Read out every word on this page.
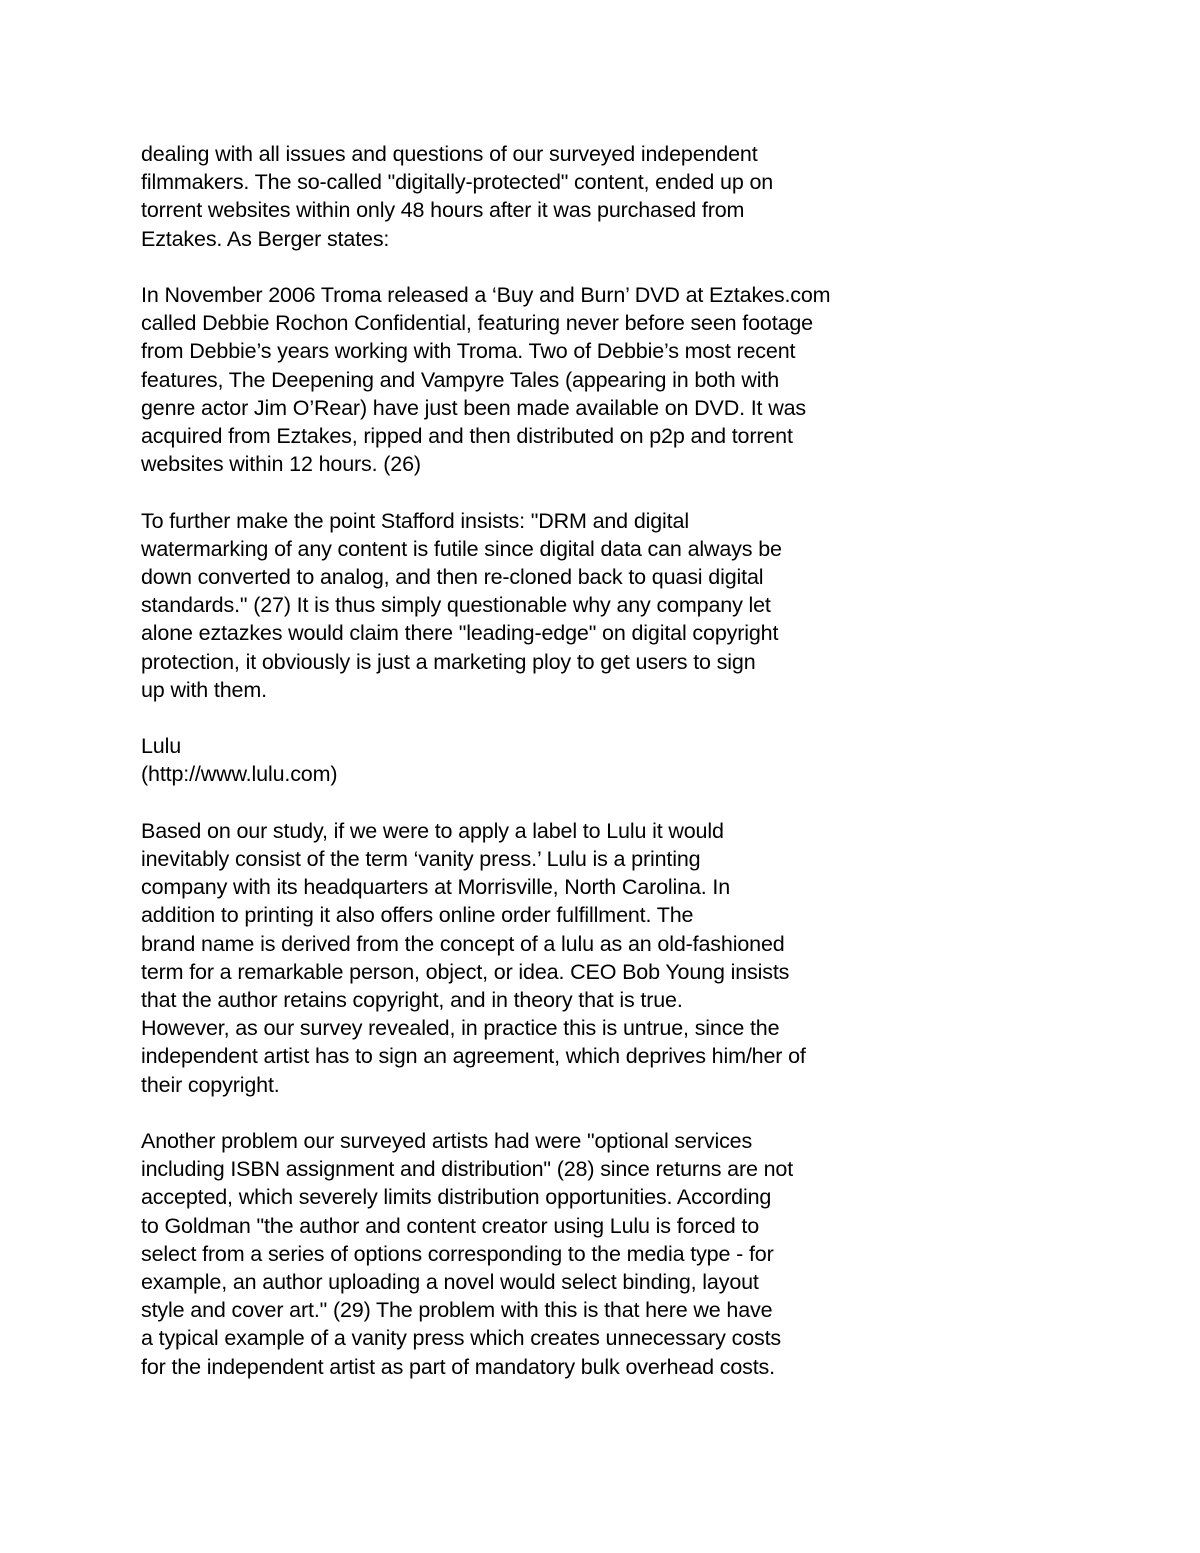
dealing with all issues and questions of our surveyed independent
filmmakers. The so-called "digitally-protected" content, ended up on
torrent websites within only 48 hours after it was purchased from
Eztakes. As Berger states:

In November 2006 Troma released a ‘Buy and Burn’ DVD at Eztakes.com
called Debbie Rochon Confidential, featuring never before seen footage
from Debbie’s years working with Troma. Two of Debbie’s most recent
features, The Deepening and Vampyre Tales (appearing in both with
genre actor Jim O’Rear) have just been made available on DVD. It was
acquired from Eztakes, ripped and then distributed on p2p and torrent
websites within 12 hours. (26)

To further make the point Stafford insists: "DRM and digital
watermarking of any content is futile since digital data can always be
down converted to analog, and then re-cloned back to quasi digital
standards." (27) It is thus simply questionable why any company let
alone eztazkes would claim there "leading-edge" on digital copyright
protection, it obviously is just a marketing ploy to get users to sign
up with them.

Lulu
(http://www.lulu.com)

Based on our study, if we were to apply a label to Lulu it would
inevitably consist of the term ‘vanity press.’ Lulu is a printing
company with its headquarters at Morrisville, North Carolina. In
addition to printing it also offers online order fulfillment. The
brand name is derived from the concept of a lulu as an old-fashioned
term for a remarkable person, object, or idea. CEO Bob Young insists
that the author retains copyright, and in theory that is true.
However, as our survey revealed, in practice this is untrue, since the
independent artist has to sign an agreement, which deprives him/her of
their copyright.

Another problem our surveyed artists had were "optional services
including ISBN assignment and distribution" (28) since returns are not
accepted, which severely limits distribution opportunities. According
to Goldman "the author and content creator using Lulu is forced to
select from a series of options corresponding to the media type - for
example, an author uploading a novel would select binding, layout
style and cover art." (29) The problem with this is that here we have
a typical example of a vanity press which creates unnecessary costs
for the independent artist as part of mandatory bulk overhead costs.
